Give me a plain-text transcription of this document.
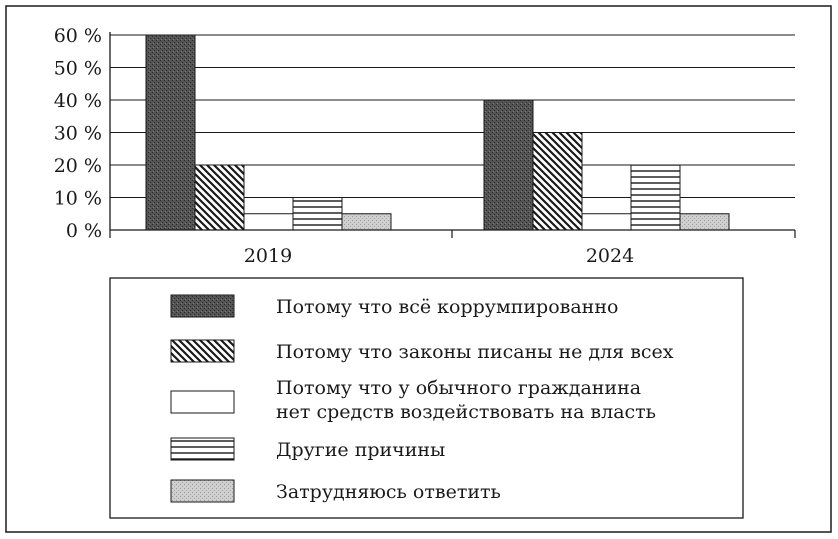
0 %
10 %
20 %
30 %
40 %
50 %
60 %
2019	2024
Потому что всё коррумпированно
Потому что законы писаны не для всех
Потому что у обычного гражданина нет средств воздействовать на власть
Другие причины
Затрудняюсь ответить
